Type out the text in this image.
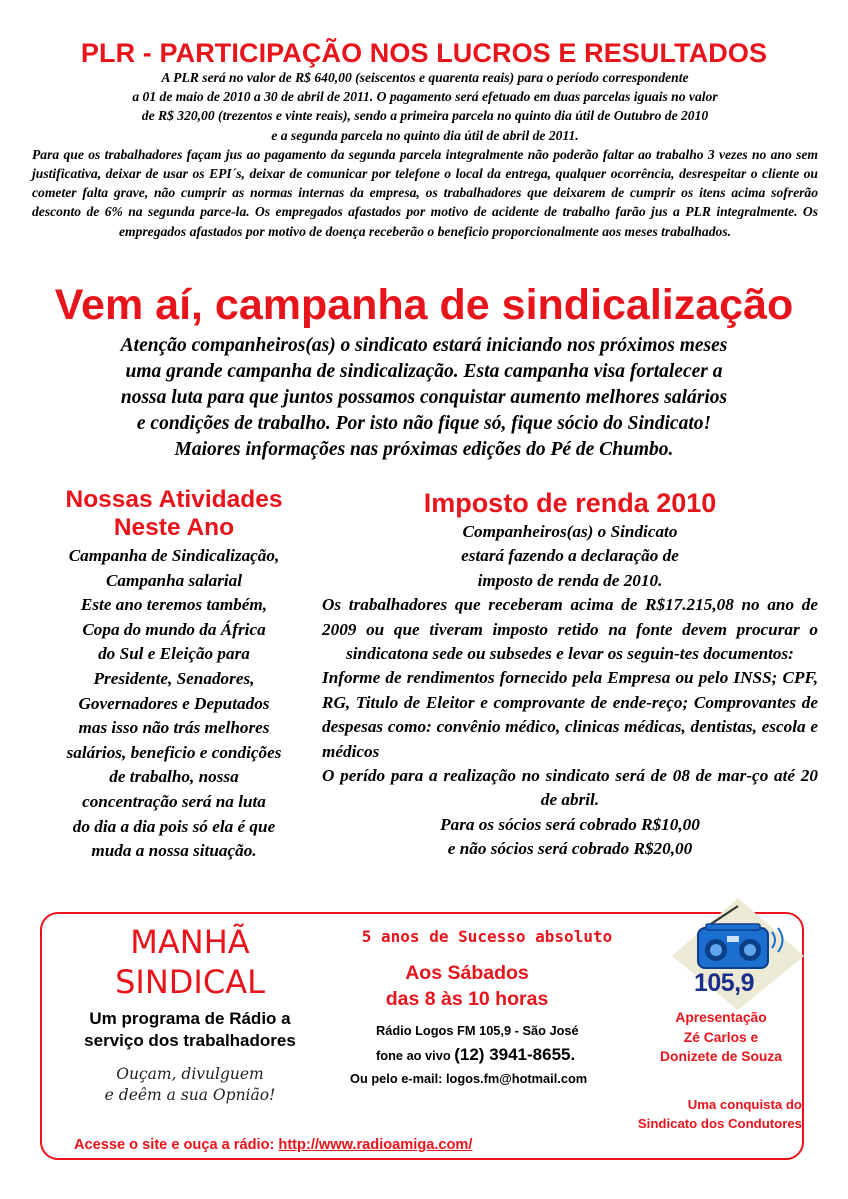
PLR - PARTICIPAÇÃO NOS LUCROS E RESULTADOS

A PLR será no valor de R$ 640,00 (seiscentos e quarenta reais) para o período correspondente

a 01 de maio de 2010 a 30 de abril de 2011. O pagamento será efetuado em duas parcelas iguais no valor

de R$ 320,00 (trezentos e vinte reais), sendo a primeira parcela no quinto dia útil de Outubro de 2010

e a segunda parcela no quinto dia útil de abril de 2011.

Para que os trabalhadores façam jus ao pagamento da segunda parcela integralmente não poderão faltar ao trabalho 3 vezes no ano sem justificativa, deixar de usar os EPI´s, deixar de comunicar por telefone o local da entrega, qualquer ocorrência, desrespeitar o cliente ou cometer falta grave, não cumprir as normas internas da empresa, os trabalhadores que deixarem de cumprir os itens acima sofrerão desconto de 6% na segunda parce-la. Os empregados afastados por motivo de acidente de trabalho farão jus a PLR integralmente. Os empregados afastados por motivo de doença receberão o beneficio proporcionalmente aos meses trabalhados.

Vem aí, campanha de sindicalização

Atenção companheiros(as) o sindicato estará iniciando nos próximos meses

uma grande campanha de sindicalização. Esta campanha visa fortalecer a

nossa luta para que juntos possamos conquistar aumento melhores salários

e condições de trabalho. Por isto não fique só, fique sócio do Sindicato!

Maiores informações nas próximas edições do Pé de Chumbo.

Nossas Atividades
Neste Ano

Campanha de Sindicalização,

Campanha salarial

Este ano teremos também,

Copa do mundo da África

do Sul e Eleição para

Presidente, Senadores,

Governadores e Deputados

mas isso não trás melhores

salários, beneficio e condições

de trabalho, nossa

concentração será na luta

do dia a dia pois só ela é que

muda a nossa situação.

Imposto de renda 2010

Companheiros(as) o Sindicato

estará fazendo a declaração de

imposto de renda de 2010.

Os trabalhadores que receberam acima de R$17.215,08 no ano de 2009 ou que tiveram imposto retido na fonte devem procurar o sindicatona sede ou subsedes e levar os seguin-tes documentos:

Informe de rendimentos fornecido pela Empresa ou pelo INSS; CPF, RG, Titulo de Eleitor e comprovante de ende-reço; Comprovantes de despesas como: convênio médico, clinicas médicas, dentistas, escola e médicos

O perído para a realização no sindicato será de 08 de mar-ço até 20 de abril.

Para os sócios será cobrado R$10,00

e não sócios será cobrado R$20,00

MANHÃ
SINDICAL
Um programa de Rádio a
serviço dos trabalhadores
Ouçam, divulguem
e deêm a sua Opnião!
5 anos de Sucesso absoluto
Aos Sábados
das 8 às 10 horas
Rádio Logos FM 105,9 - São José
fone ao vivo (12) 3941-8655.
Ou pelo e-mail: logos.fm@hotmail.com
Acesse o site e ouça a rádio: http://www.radioamiga.com/
105,9
Apresentação
Zé Carlos e
Donizete de Souza
Uma conquista do
Sindicato dos Condutores
